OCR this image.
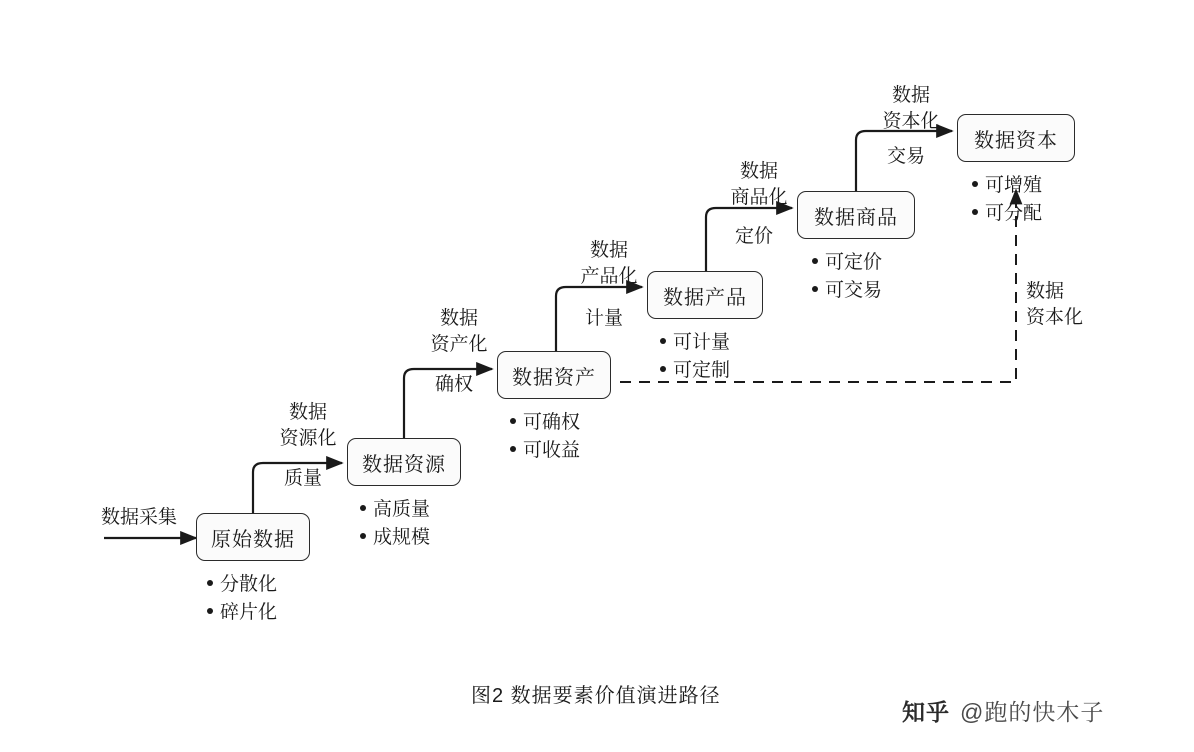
数据采集
原始数据
分散化
碎片化
数据
资源化
质量
数据资源
高质量
成规模
数据
资产化
确权	数据资产
可确权
可收益
数据
产品化
计量
数据产品
可计量
可定制
数据
商品化
定价
数据商品
可定价
可交易
数据
资本化
交易
数据资本
可增殖
可分配
数据
资本化
图2 数据要素价值演进路径
知乎 @跑的快木子
